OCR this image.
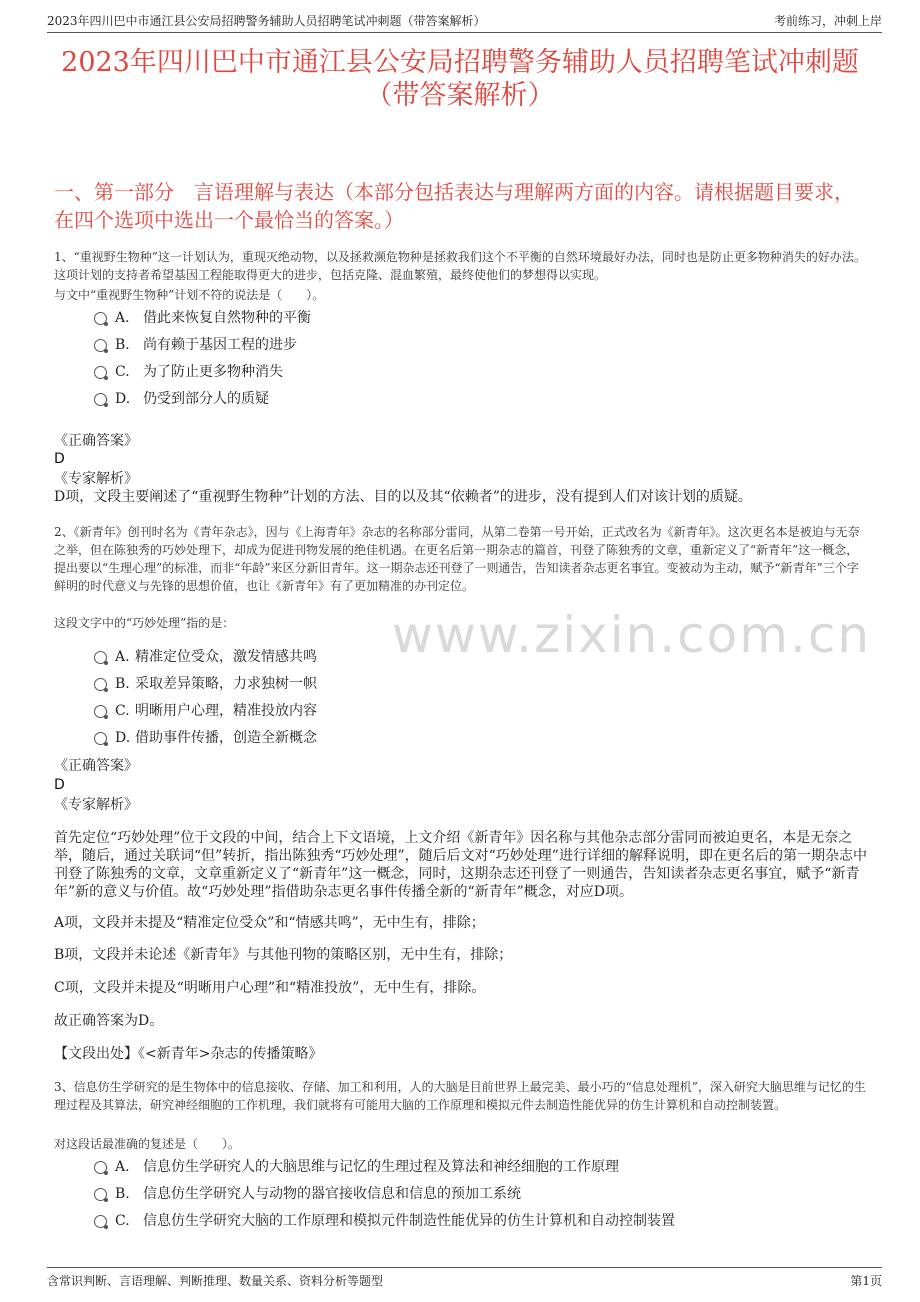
2023年四川巴中市通江县公安局招聘警务辅助人员招聘笔试冲刺题（带答案解析）	考前练习，冲刺上岸
2023年四川巴中市通江县公安局招聘警务辅助人员招聘笔试冲刺题（带答案解析）
一、第一部分　言语理解与表达（本部分包括表达与理解两方面的内容。请根据题目要求，在四个选项中选出一个最恰当的答案。）
1、“重视野生物种”这一计划认为，重现灭绝动物，以及拯救濒危物种是拯救我们这个不平衡的自然环境最好办法，同时也是防止更多物种消失的好办法。这项计划的支持者希望基因工程能取得更大的进步，包括克隆、混血繁殖，最终使他们的梦想得以实现。
与文中“重视野生物种”计划不符的说法是（　　）。
A. 借此来恢复自然物种的平衡
B. 尚有赖于基因工程的进步
C. 为了防止更多物种消失
D. 仍受到部分人的质疑
《正确答案》
D
《专家解析》
D项，文段主要阐述了“重视野生物种”计划的方法、目的以及其“依赖者”的进步，没有提到人们对该计划的质疑。
2、《新青年》创刊时名为《青年杂志》，因与《上海青年》杂志的名称部分雷同，从第二卷第一号开始，正式改名为《新青年》。这次更名本是被迫与无奈之举，但在陈独秀的巧妙处理下，却成为促进刊物发展的绝佳机遇。在更名后第一期杂志的篇首，刊登了陈独秀的文章，重新定义了“新青年”这一概念，提出要以“生理心理”的标准，而非“年龄”来区分新旧青年。这一期杂志还刊登了一则通告，告知读者杂志更名事宜。变被动为主动，赋予“新青年”三个字鲜明的时代意义与先锋的思想价值，也让《新青年》有了更加精准的办刊定位。
www.zixin.com.cn
这段文字中的“巧妙处理”指的是：
A. 精准定位受众，激发情感共鸣
B. 采取差异策略，力求独树一帜
C. 明晰用户心理，精准投放内容
D. 借助事件传播，创造全新概念
《正确答案》
D
《专家解析》
首先定位“巧妙处理”位于文段的中间，结合上下文语境，上文介绍《新青年》因名称与其他杂志部分雷同而被迫更名，本是无奈之举，随后，通过关联词“但”转折，指出陈独秀“巧妙处理”，随后后文对“巧妙处理”进行详细的解释说明，即在更名后的第一期杂志中刊登了陈独秀的文章，文章重新定义了“新青年”这一概念，同时，这期杂志还刊登了一则通告，告知读者杂志更名事宜，赋予“新青年”新的意义与价值。故“巧妙处理”指借助杂志更名事件传播全新的“新青年”概念，对应D项。
A项，文段并未提及“精准定位受众”和“情感共鸣”，无中生有，排除；
B项，文段并未论述《新青年》与其他刊物的策略区别，无中生有，排除；
C项，文段并未提及“明晰用户心理”和“精准投放”，无中生有，排除。
故正确答案为D。
【文段出处】《<新青年>杂志的传播策略》
3、信息仿生学研究的是生物体中的信息接收、存储、加工和利用，人的大脑是目前世界上最完美、最小巧的“信息处理机”，深入研究大脑思维与记忆的生理过程及其算法，研究神经细胞的工作机理，我们就将有可能用大脑的工作原理和模拟元件去制造性能优异的仿生计算机和自动控制装置。
对这段话最准确的复述是（　　）。
A. 信息仿生学研究人的大脑思维与记忆的生理过程及算法和神经细胞的工作原理
B. 信息仿生学研究人与动物的器官接收信息和信息的预加工系统
C. 信息仿生学研究大脑的工作原理和模拟元件制造性能优异的仿生计算机和自动控制装置
含常识判断、言语理解、判断推理、数量关系、资料分析等题型	第1页
